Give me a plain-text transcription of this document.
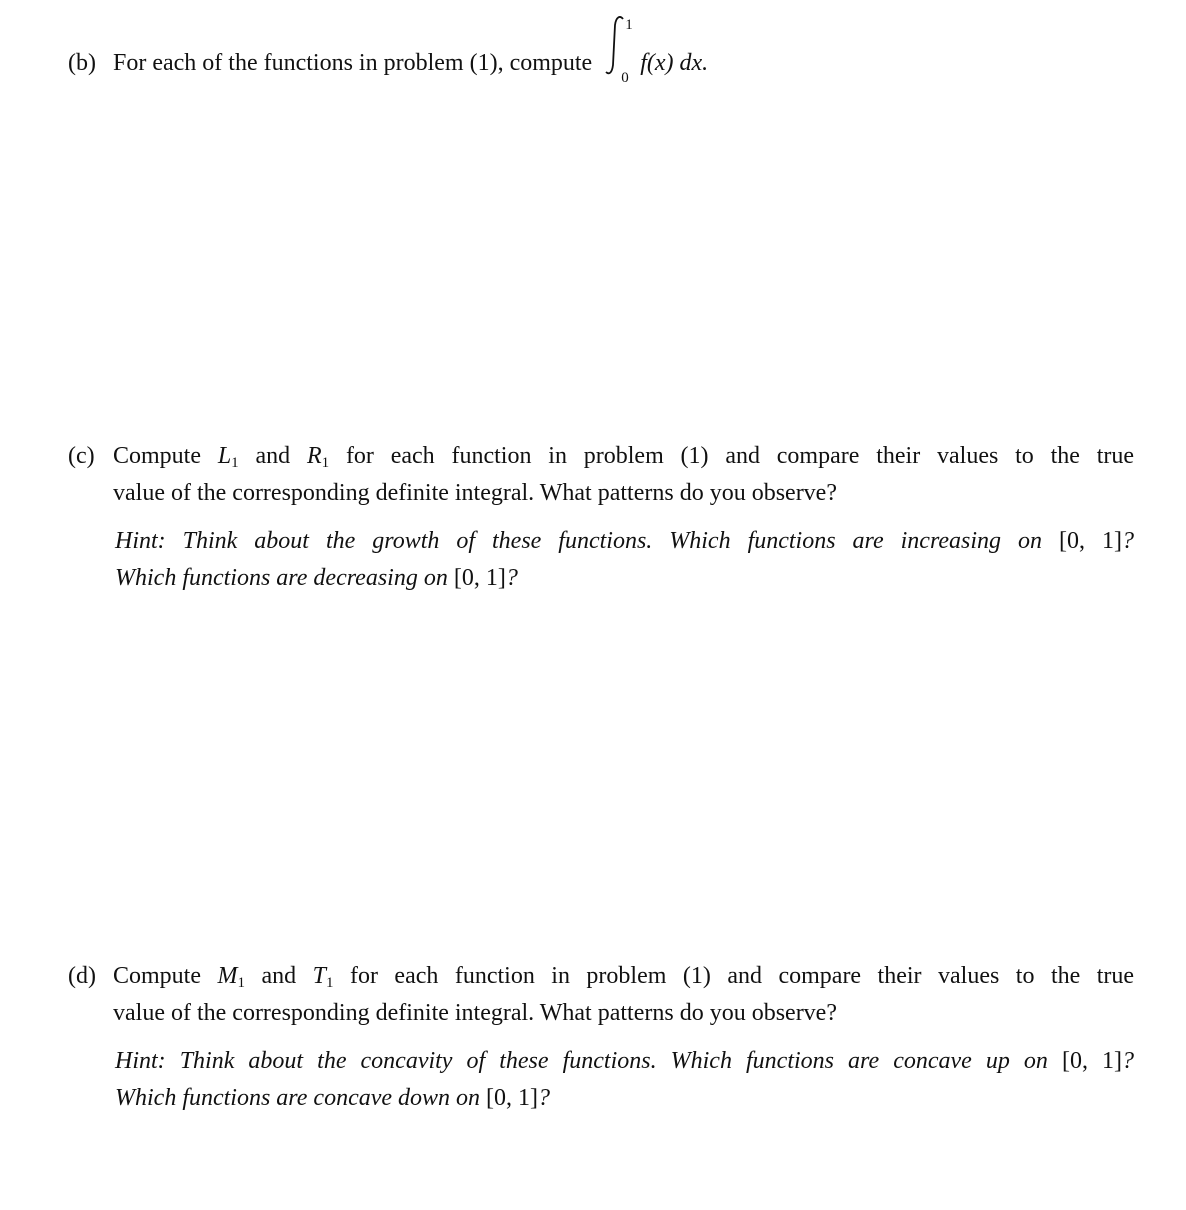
(b) For each of the functions in problem (1), compute
1
0
f(x) dx.
(c) Compute $L_1$ and $R_1$ for each function in problem (1) and compare their values to the true
value of the corresponding definite integral. What patterns do you observe?
Hint: Think about the growth of these functions. Which functions are increasing on [0, 1]?
Which functions are decreasing on [0, 1]?
(d) Compute $M_1$ and $T_1$ for each function in problem (1) and compare their values to the true
value of the corresponding definite integral. What patterns do you observe?
Hint: Think about the concavity of these functions. Which functions are concave up on [0, 1]?
Which functions are concave down on [0, 1]?
